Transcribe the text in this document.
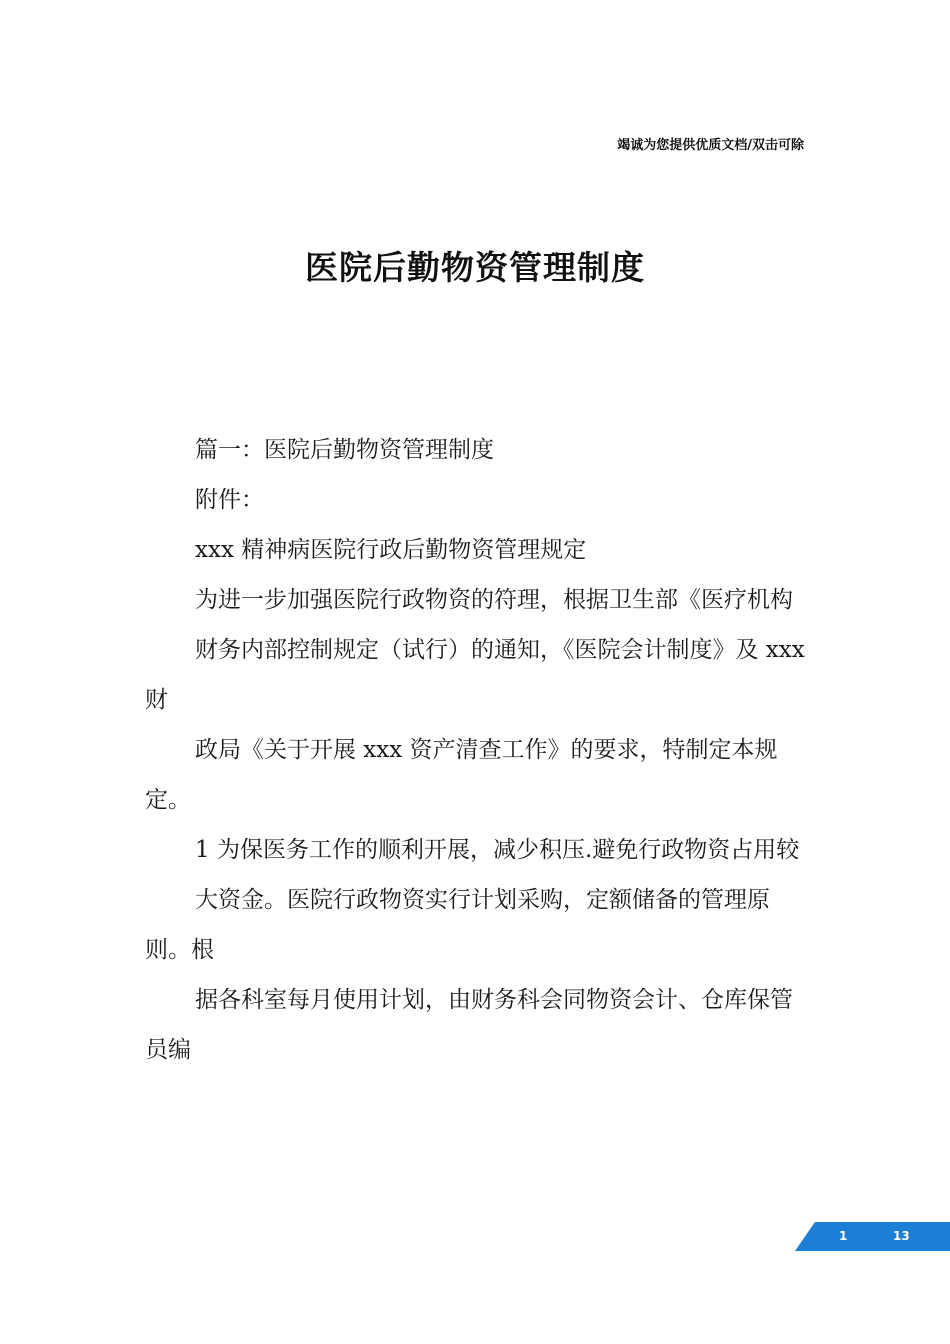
竭诚为您提供优质文档/双击可除
医院后勤物资管理制度

篇一：医院后勤物资管理制度

附件：

xxx 精神病医院行政后勤物资管理规定

为进一步加强医院行政物资的符理，根据卫生部《医疗机构

财务内部控制规定（试行）的通知，《医院会计制度》及 xxx 财

政局《关于开展 xxx 资产清查工作》的要求，特制定本规定。

1 为保医务工作的顺利开展，减少积压.避免行政物资占用较

大资金。医院行政物资实行计划采购，定额储备的管理原则。根

据各科室每月使用计划，由财务科会同物资会计、仓库保管员编

1	13
